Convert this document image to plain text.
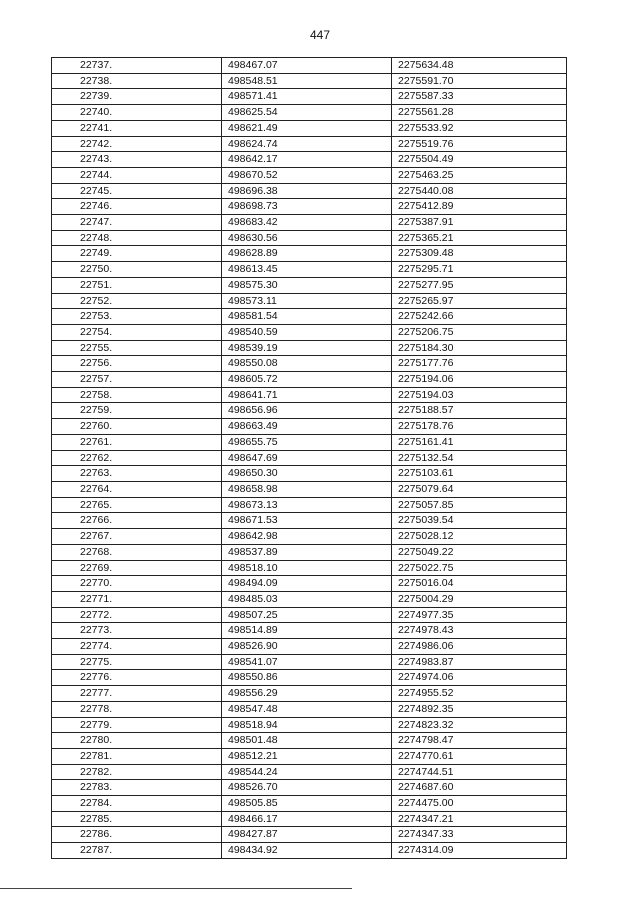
447
22737.	498467.07	2275634.48
22738.	498548.51	2275591.70
22739.	498571.41	2275587.33
22740.	498625.54	2275561.28
22741.	498621.49	2275533.92
22742.	498624.74	2275519.76
22743.	498642.17	2275504.49
22744.	498670.52	2275463.25
22745.	498696.38	2275440.08
22746.	498698.73	2275412.89
22747.	498683.42	2275387.91
22748.	498630.56	2275365.21
22749.	498628.89	2275309.48
22750.	498613.45	2275295.71
22751.	498575.30	2275277.95
22752.	498573.11	2275265.97
22753.	498581.54	2275242.66
22754.	498540.59	2275206.75
22755.	498539.19	2275184.30
22756.	498550.08	2275177.76
22757.	498605.72	2275194.06
22758.	498641.71	2275194.03
22759.	498656.96	2275188.57
22760.	498663.49	2275178.76
22761.	498655.75	2275161.41
22762.	498647.69	2275132.54
22763.	498650.30	2275103.61
22764.	498658.98	2275079.64
22765.	498673.13	2275057.85
22766.	498671.53	2275039.54
22767.	498642.98	2275028.12
22768.	498537.89	2275049.22
22769.	498518.10	2275022.75
22770.	498494.09	2275016.04
22771.	498485.03	2275004.29
22772.	498507.25	2274977.35
22773.	498514.89	2274978.43
22774.	498526.90	2274986.06
22775.	498541.07	2274983.87
22776.	498550.86	2274974.06
22777.	498556.29	2274955.52
22778.	498547.48	2274892.35
22779.	498518.94	2274823.32
22780.	498501.48	2274798.47
22781.	498512.21	2274770.61
22782.	498544.24	2274744.51
22783.	498526.70	2274687.60
22784.	498505.85	2274475.00
22785.	498466.17	2274347.21
22786.	498427.87	2274347.33
22787.	498434.92	2274314.09
